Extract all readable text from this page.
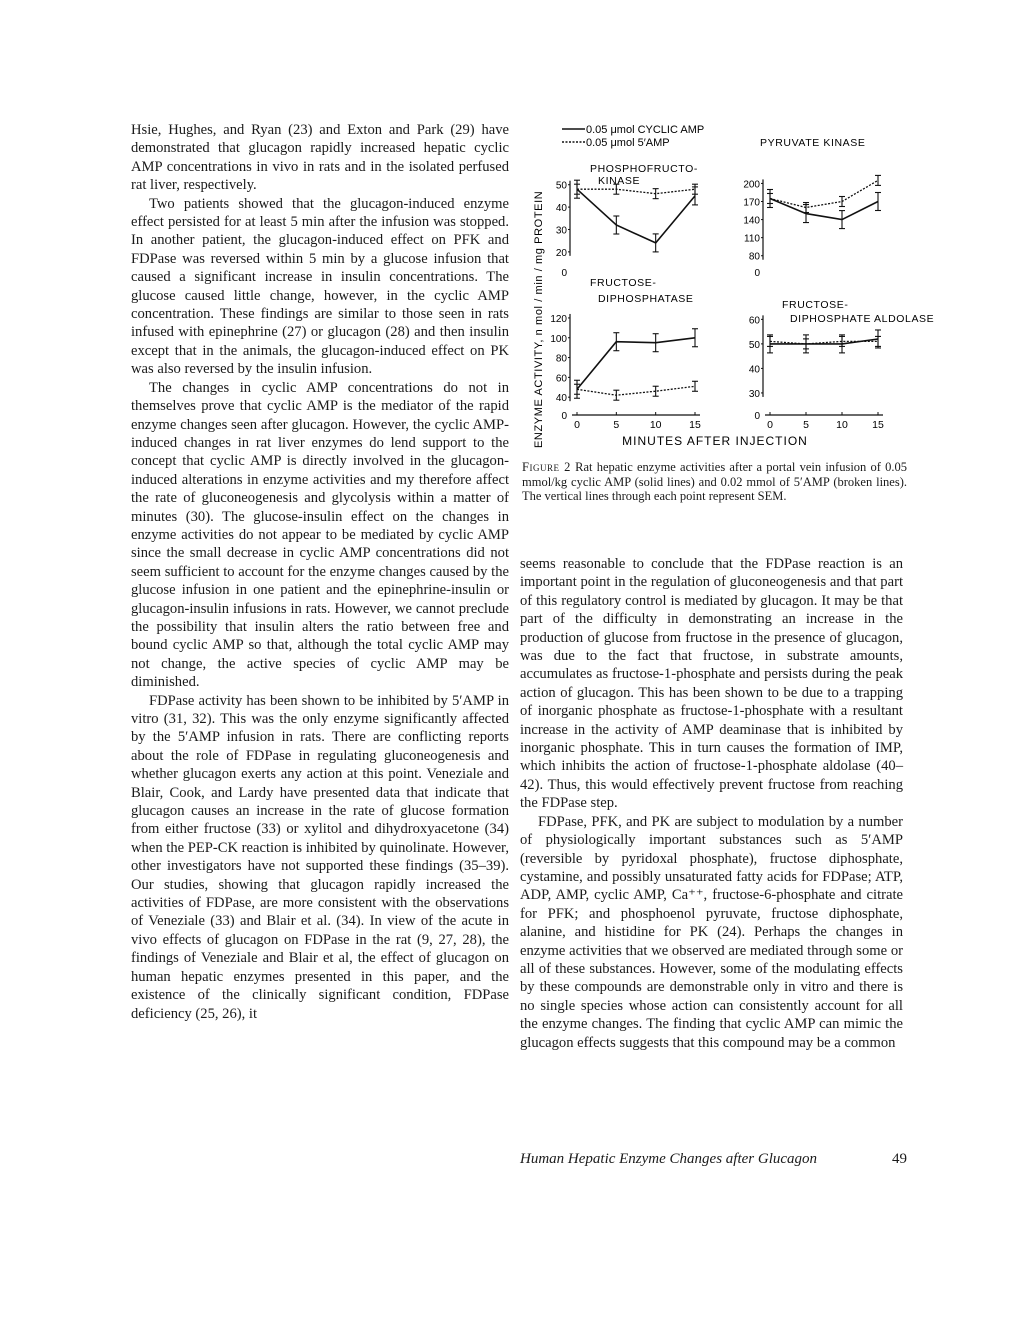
Hsie, Hughes, and Ryan (23) and Exton and Park (29) have demonstrated that glucagon rapidly increased hepatic cyclic AMP concentrations in vivo in rats and in the isolated perfused rat liver, respectively.

Two patients showed that the glucagon-induced enzyme effect persisted for at least 5 min after the infusion was stopped. In another patient, the glucagon-induced effect on PFK and FDPase was reversed within 5 min by a glucose infusion that caused a significant increase in insulin concentrations. The glucose caused little change, however, in the cyclic AMP concentration. These findings are similar to those seen in rats infused with epinephrine (27) or glucagon (28) and then insulin except that in the animals, the glucagon-induced effect on PK was also reversed by the insulin infusion.

The changes in cyclic AMP concentrations do not in themselves prove that cyclic AMP is the mediator of the rapid enzyme changes seen after glucagon. However, the cyclic AMP-induced changes in rat liver enzymes do lend support to the concept that cyclic AMP is directly involved in the glucagon-induced alterations in enzyme activities and my therefore affect the rate of gluconeogenesis and glycolysis within a matter of minutes (30). The glucose-insulin effect on the changes in enzyme activities do not appear to be mediated by cyclic AMP since the small decrease in cyclic AMP concentrations did not seem sufficient to account for the enzyme changes caused by the glucose infusion in one patient and the epinephrine-insulin or glucagon-insulin infusions in rats. However, we cannot preclude the possibility that insulin alters the ratio between free and bound cyclic AMP so that, although the total cyclic AMP may not change, the active species of cyclic AMP may be diminished.

FDPase activity has been shown to be inhibited by 5′AMP in vitro (31, 32). This was the only enzyme significantly affected by the 5′AMP infusion in rats. There are conflicting reports about the role of FDPase in regulating gluconeogenesis and whether glucagon exerts any action at this point. Veneziale and Blair, Cook, and Lardy have presented data that indicate that glucagon causes an increase in the rate of glucose formation from either fructose (33) or xylitol and dihydroxyacetone (34) when the PEP-CK reaction is inhibited by quinolinate. However, other investigators have not supported these findings (35–39). Our studies, showing that glucagon rapidly increased the activities of FDPase, are more consistent with the observations of Veneziale (33) and Blair et al. (34). In view of the acute in vivo effects of glucagon on FDPase in the rat (9, 27, 28), the findings of Veneziale and Blair et al, the effect of glucagon on human hepatic enzymes presented in this paper, and the existence of the clinically significant condition, FDPase deficiency (25, 26), it

0.05 μmol CYCLIC AMP
0.05 μmol 5′AMP
ENZYME ACTIVITY, n mol / min / mg PROTEIN	MINUTES AFTER INJECTION
0
20
30
40
50
PHOSPHOFRUCTO-
KINASE
0
80
110
140
170
200
PYRUVATE KINASE
0
40
60
80
100
120
FRUCTOSE-
DIPHOSPHATASE
0	5	10	15
0
30
40
50
60
FRUCTOSE-
DIPHOSPHATE ALDOLASE
0	5	10 15
Figure 2 Rat hepatic enzyme activities after a portal vein infusion of 0.05 mmol/kg cyclic AMP (solid lines) and 0.02 mmol of 5′AMP (broken lines). The vertical lines through each point represent SEM.

seems reasonable to conclude that the FDPase reaction is an important point in the regulation of gluconeogenesis and that part of this regulatory control is mediated by glucagon. It may be that part of the difficulty in demonstrating an increase in the production of glucose from fructose in the presence of glucagon, was due to the fact that fructose, in substrate amounts, accumulates as fructose-1-phosphate and persists during the peak action of glucagon. This has been shown to be due to a trapping of inorganic phosphate as fructose-1-phosphate with a resultant increase in the activity of AMP deaminase that is inhibited by inorganic phosphate. This in turn causes the formation of IMP, which inhibits the action of fructose-1-phosphate aldolase (40–42). Thus, this would effectively prevent fructose from reaching the FDPase step.

FDPase, PFK, and PK are subject to modulation by a number of physiologically important substances such as 5′AMP (reversible by pyridoxal phosphate), fructose diphosphate, cystamine, and possibly unsaturated fatty acids for FDPase; ATP, ADP, AMP, cyclic AMP, Ca⁺⁺, fructose-6-phosphate and citrate for PFK; and phosphoenol pyruvate, fructose diphosphate, alanine, and histidine for PK (24). Perhaps the changes in enzyme activities that we observed are mediated through some or all of these substances. However, some of the modulating effects by these compounds are demonstrable only in vitro and there is no single species whose action can consistently account for all the enzyme changes. The finding that cyclic AMP can mimic the glucagon effects suggests that this compound may be a common

Human Hepatic Enzyme Changes after Glucagon	49
